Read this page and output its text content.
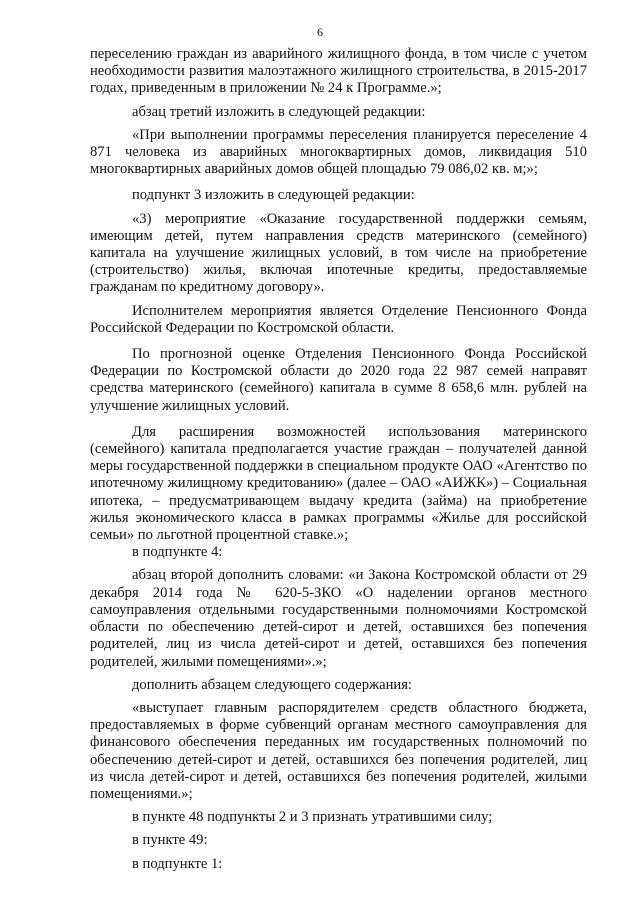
6

переселению граждан из аварийного жилищного фонда, в том числе с учетом необходимости развития малоэтажного жилищного строительства, в 2015-2017 годах, приведенным в приложении № 24 к Программе.»;

абзац третий изложить в следующей редакции:

«При выполнении программы переселения планируется переселение 4 871 человека из аварийных многоквартирных домов, ликвидация 510 многоквартирных аварийных домов общей площадью 79 086,02 кв. м;»;

подпункт 3 изложить в следующей редакции:

«3) мероприятие «Оказание государственной поддержки семьям, имеющим детей, путем направления средств материнского (семейного) капитала на улучшение жилищных условий, в том числе на приобретение (строительство) жилья, включая ипотечные кредиты, предоставляемые гражданам по кредитному договору».

Исполнителем мероприятия является Отделение Пенсионного Фонда Российской Федерации по Костромской области.

По прогнозной оценке Отделения Пенсионного Фонда Российской Федерации по Костромской области до 2020 года 22 987 семей направят средства материнского (семейного) капитала в сумме 8 658,6 млн. рублей на улучшение жилищных условий.

Для расширения возможностей использования материнского (семейного) капитала предполагается участие граждан – получателей данной меры государственной поддержки в специальном продукте ОАО «Агентство по ипотечному жилищному кредитованию» (далее – ОАО «АИЖК») – Социальная ипотека, – предусматривающем выдачу кредита (займа) на приобретение жилья экономического класса в рамках программы «Жилье для российской семьи» по льготной процентной ставке.»;

в подпункте 4:

абзац второй дополнить словами: «и Закона Костромской области от 29 декабря 2014 года № 620-5-ЗКО «О наделении органов местного самоуправления отдельными государственными полномочиями Костромской области по обеспечению детей-сирот и детей, оставшихся без попечения родителей, лиц из числа детей-сирот и детей, оставшихся без попечения родителей, жилыми помещениями».»;

дополнить абзацем следующего содержания:

«выступает главным распорядителем средств областного бюджета, предоставляемых в форме субвенций органам местного самоуправления для финансового обеспечения переданных им государственных полномочий по обеспечению детей-сирот и детей, оставшихся без попечения родителей, лиц из числа детей-сирот и детей, оставшихся без попечения родителей, жилыми помещениями.»;

в пункте 48 подпункты 2 и 3 признать утратившими силу;

в пункте 49:

в подпункте 1:
